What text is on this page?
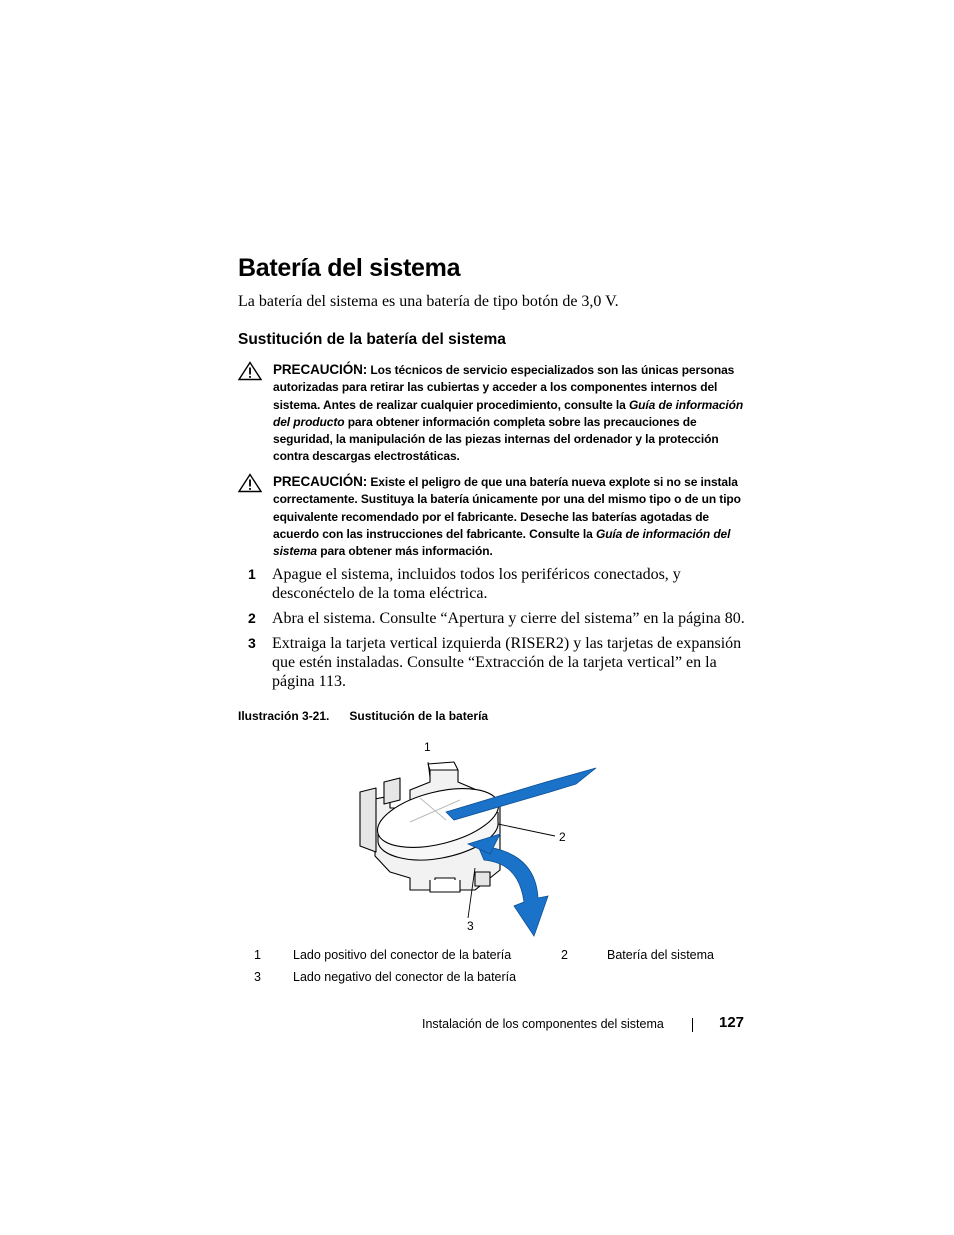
Batería del sistema
La batería del sistema es una batería de tipo botón de 3,0 V.
Sustitución de la batería del sistema
PRECAUCIÓN: Los técnicos de servicio especializados son las únicas personas autorizadas para retirar las cubiertas y acceder a los componentes internos del sistema. Antes de realizar cualquier procedimiento, consulte la Guía de información del producto para obtener información completa sobre las precauciones de seguridad, la manipulación de las piezas internas del ordenador y la protección contra descargas electrostáticas.
PRECAUCIÓN: Existe el peligro de que una batería nueva explote si no se instala correctamente. Sustituya la batería únicamente por una del mismo tipo o de un tipo equivalente recomendado por el fabricante. Deseche las baterías agotadas de acuerdo con las instrucciones del fabricante. Consulte la Guía de información del sistema para obtener más información.
1 Apague el sistema, incluidos todos los periféricos conectados, y desconéctelo de la toma eléctrica.
2 Abra el sistema. Consulte “Apertura y cierre del sistema” en la página 80.
3 Extraiga la tarjeta vertical izquierda (RISER2) y las tarjetas de expansión que estén instaladas. Consulte “Extracción de la tarjeta vertical” en la página 113.
Ilustración 3-21. Sustitución de la batería
1
2
3
1	Lado positivo del conector de la batería	2	Batería del sistema
3	Lado negativo del conector de la batería
Instalación de los componentes del sistema	127
